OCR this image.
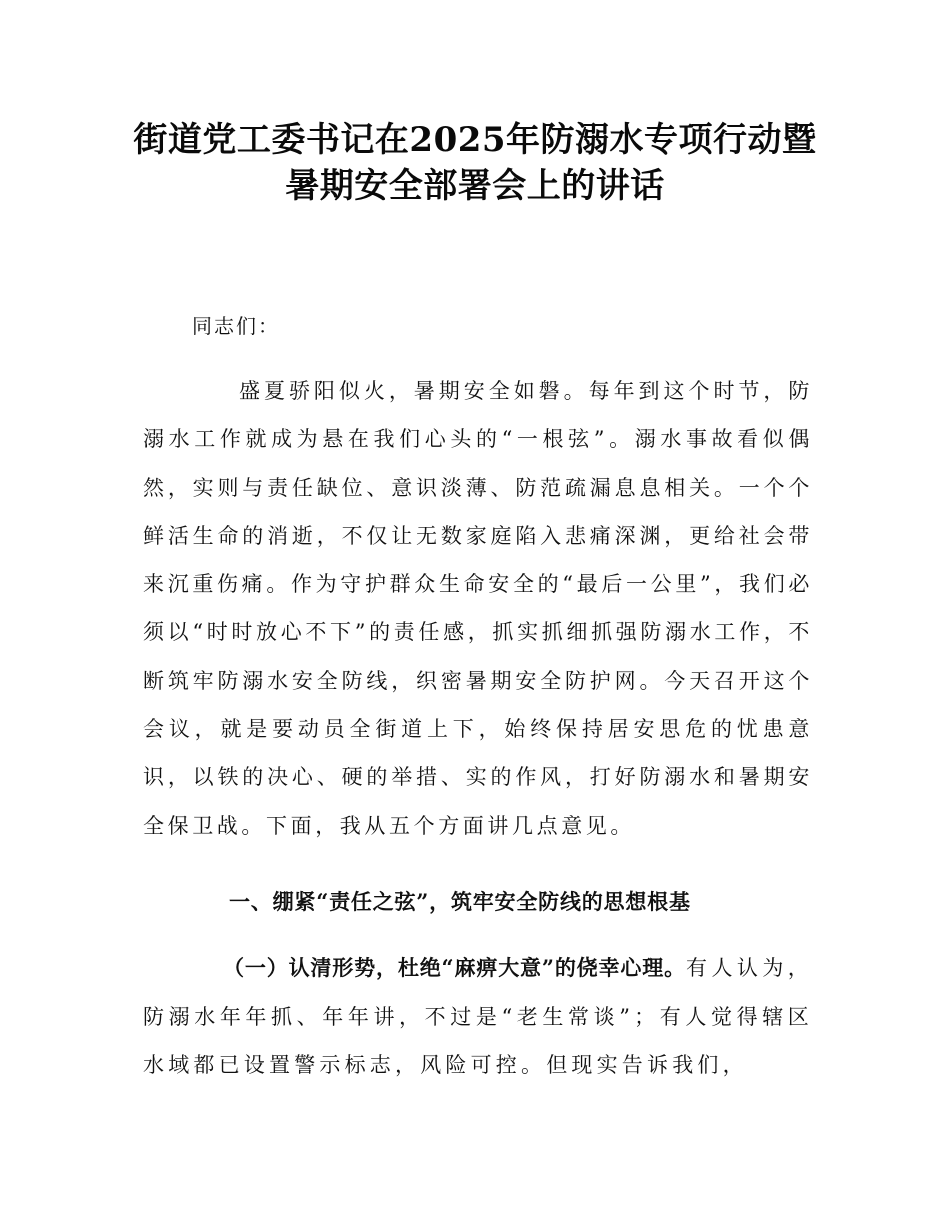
街道党工委书记在2025年防溺水专项行动暨
暑期安全部署会上的讲话
同志们：

盛夏骄阳似火，暑期安全如磐。每年到这个时节，防溺水工作就成为悬在我们心头的“一根弦”。溺水事故看似偶然，实则与责任缺位、意识淡薄、防范疏漏息息相关。一个个鲜活生命的消逝，不仅让无数家庭陷入悲痛深渊，更给社会带来沉重伤痛。作为守护群众生命安全的“最后一公里”，我们必须以“时时放心不下”的责任感，抓实抓细抓强防溺水工作，不断筑牢防溺水安全防线，织密暑期安全防护网。今天召开这个会议，就是要动员全街道上下，始终保持居安思危的忧患意识，以铁的决心、硬的举措、实的作风，打好防溺水和暑期安全保卫战。下面，我从五个方面讲几点意见。

一、绷紧“责任之弦”，筑牢安全防线的思想根基

（一）认清形势，杜绝“麻痹大意”的侥幸心理。有人认为，防溺水年年抓、年年讲，不过是“老生常谈”；有人觉得辖区水域都已设置警示标志，风险可控。但现实告诉我们，
